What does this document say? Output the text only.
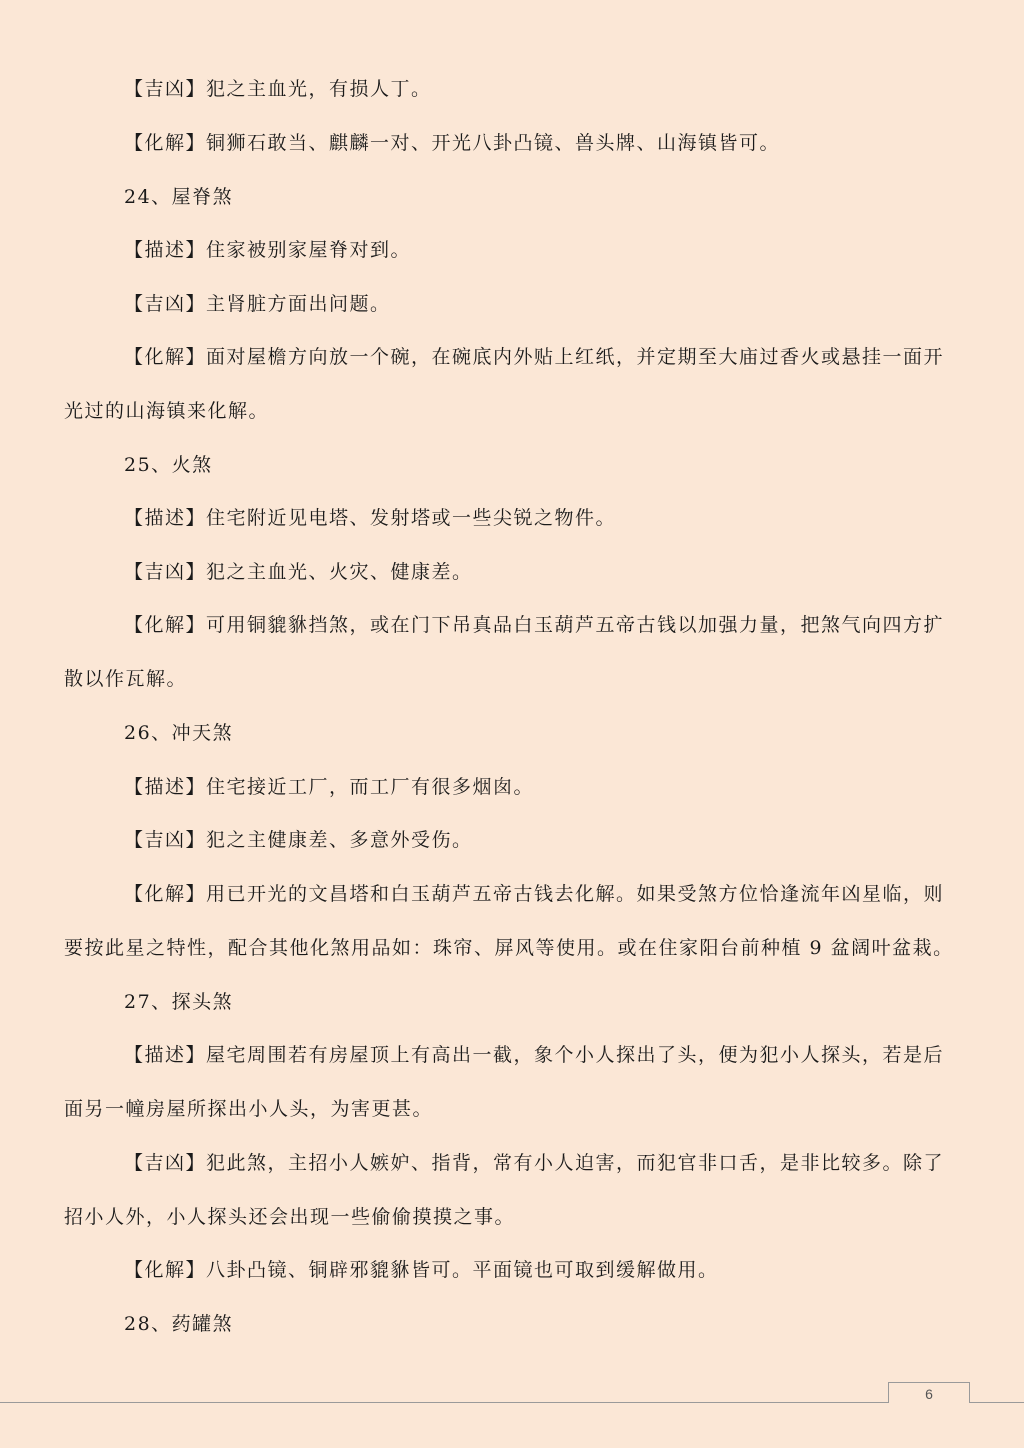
【吉凶】犯之主血光，有损人丁。

【化解】铜狮石敢当、麒麟一对、开光八卦凸镜、兽头牌、山海镇皆可。

24、屋脊煞

【描述】住家被别家屋脊对到。

【吉凶】主肾脏方面出问题。

【化解】面对屋檐方向放一个碗，在碗底内外贴上红纸，并定期至大庙过香火或悬挂一面开光过的山海镇来化解。

25、火煞

【描述】住宅附近见电塔、发射塔或一些尖锐之物件。

【吉凶】犯之主血光、火灾、健康差。

【化解】可用铜貔貅挡煞，或在门下吊真品白玉葫芦五帝古钱以加强力量，把煞气向四方扩散以作瓦解。

26、冲天煞

【描述】住宅接近工厂，而工厂有很多烟囱。

【吉凶】犯之主健康差、多意外受伤。

【化解】用已开光的文昌塔和白玉葫芦五帝古钱去化解。如果受煞方位恰逢流年凶星临，则要按此星之特性，配合其他化煞用品如：珠帘、屏风等使用。或在住家阳台前种植 9 盆阔叶盆栽。

27、探头煞

【描述】屋宅周围若有房屋顶上有高出一截，象个小人探出了头，便为犯小人探头，若是后面另一幢房屋所探出小人头，为害更甚。

【吉凶】犯此煞，主招小人嫉妒、指背，常有小人迫害，而犯官非口舌，是非比较多。除了招小人外，小人探头还会出现一些偷偷摸摸之事。

【化解】八卦凸镜、铜辟邪貔貅皆可。平面镜也可取到缓解做用。

28、药罐煞

6
